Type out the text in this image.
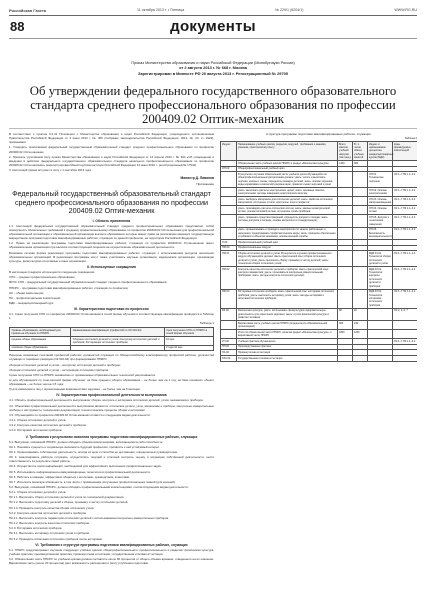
Российская Газета	11 октября 2013 г. • Пятница	№ 229/1 (6204/1)	WWW.RG.RU
88	документы
Приказ Министерства образования и науки Российской Федерации (Минобрнауки России)
от 2 августа 2013 г. № 668 г. Москва
Зарегистрирован в Минюсте РФ 20 августа 2013 г. Регистрационный № 29705
Об утверждении федерального государственного образовательного стандарта среднего профессионального образования по профессии 200409.02 Оптик-механик

В соответствии с пунктом 5.2.41 Положения о Министерстве образования и науки Российской Федерации, утвержденного постановлением Правительства Российской Федерации от 3 июня 2013 г. № 466 (Собрание законодательства Российской Федерации, 2013, № 23, ст. 2923), приказываю:

1. Утвердить прилагаемый федеральный государственный образовательный стандарт среднего профессионального образования по профессии 200409.02 Оптик-механик.

2. Признать утратившим силу приказ Министерства образования и науки Российской Федерации от 14 апреля 2010 г. № 364 «Об утверждении и введении в действие федерального государственного образовательного стандарта начального профессионального образования по профессии 200409.02 Оптик-механик» (зарегистрирован Министерством юстиции Российской Федерации 14 июня 2010 г., регистрационный № 17542).

3. Настоящий приказ вступает в силу с 1 сентября 2013 года.

Министр Д. Ливанов
Приложение
Федеральный государственный образовательный стандарт среднего профессионального образования по профессии 200409.02 Оптик-механик
I. Область применения

1.1. Настоящий федеральный государственный образовательный стандарт среднего профессионального образования представляет собой совокупность обязательных требований к среднему профессиональному образованию по профессии 200409.02 Оптик-механик для профессиональной образовательной организации и образовательной организации высшего образования, которые имеют право на реализацию имеющих государственную аккредитацию программ подготовки квалифицированных рабочих, служащих по данной профессии, на территории Российской Федерации.

1.2. Право на реализацию программы подготовки квалифицированных рабочих, служащих по профессии 200409.02 Оптик-механик имеет образовательная организация при наличии соответствующей лицензии на осуществление образовательной деятельности.

Возможна сетевая форма реализации программы подготовки квалифицированных рабочих, служащих с использованием ресурсов нескольких образовательных организаций. В реализации программы могут также участвовать научные организации, медицинские организации, организации культуры, физкультурно-спортивные и иные организации.

II. Используемые сокращения

В настоящем стандарте используются следующие сокращения:

СПО – среднее профессиональное образование;

ФГОС СПО – федеральный государственный образовательный стандарт среднего профессионального образования;

ППКРС – программа подготовки квалифицированных рабочих, служащих по профессии;

ОК – общая компетенция;

ПК – профессиональная компетенция;

МДК – междисциплинарный курс.

III. Характеристика подготовки по профессии

3.1. Сроки получения СПО по профессии 200409.02 Оптик-механик в очной форме обучения и соответствующие квалификации приводятся в Таблице 1.

Таблица 1
Уровень образования, необходимый для приема на обучение по ППКРС	Наименование квалификации (профессий по ОК 016-94)	Срок получения СПО по ППКРС в очной форме обучения
среднее общее образование	Сборщик оптических деталей и узлов; Контролер оптических деталей и приборов; Юстировщик оптических приборов	10 мес.
основное общее образование		2 года 10 мес.

Перечень возможных сочетаний профессий рабочих, должностей служащих по Общероссийскому классификатору профессий рабочих, должностей служащих и тарифных разрядов (ОК 016-94) при формировании ППКРС:

сборщик оптических деталей и узлов – контролер оптических деталей и приборов;

сборщик оптических деталей и узлов – юстировщик оптических приборов.

Сроки получения СПО по ППКРС независимо от применяемых образовательных технологий увеличиваются:

а) для обучающихся по очно-заочной форме обучения: на базе среднего общего образования – не более чем на 1 год; на базе основного общего образования – не более чем на 1,5 года;

б) для инвалидов и лиц с ограниченными возможностями здоровья – не более чем на 6 месяцев.

IV. Характеристика профессиональной деятельности выпускников

4.1. Область профессиональной деятельности выпускников: сборка, контроль и юстировка оптических деталей, узлов, механизмов и приборов.

4.2. Объектами профессиональной деятельности выпускников являются: оптические детали, узлы, механизмы и приборы; контрольно-измерительные приборы и инструменты; техническая документация; технологические процессы сборки и юстировки.

4.3. Обучающийся по профессии 200409.02 Оптик-механик готовится к следующим видам деятельности:

4.3.1. Сборка оптических деталей и узлов.

4.3.2. Контроль качества оптических деталей и приборов.

4.3.3. Юстировка оптических приборов.

V. Требования к результатам освоения программы подготовки квалифицированных рабочих, служащих

5.1. Выпускник, освоивший ППКРС, должен обладать общими компетенциями, включающими в себя способность:

ОК 1. Понимать сущность и социальную значимость будущей профессии, проявлять к ней устойчивый интерес.

ОК 2. Организовывать собственную деятельность, исходя из цели и способов ее достижения, определенных руководителем.

ОК 3. Анализировать рабочую ситуацию, осуществлять текущий и итоговый контроль, оценку и коррекцию собственной деятельности, нести ответственность за результаты своей работы.

ОК 4. Осуществлять поиск информации, необходимой для эффективного выполнения профессиональных задач.

ОК 5. Использовать информационно-коммуникационные технологии в профессиональной деятельности.

ОК 6. Работать в команде, эффективно общаться с коллегами, руководством, клиентами.

ОК 7. Исполнять воинскую обязанность, в том числе с применением полученных профессиональных знаний (для юношей).

5.2. Выпускник, освоивший ППКРС, должен обладать профессиональными компетенциями, соответствующими видам деятельности:

5.2.1. Сборка оптических деталей и узлов.

ПК 1.1. Выполнять сборку оптических деталей и узлов по технической документации.

ПК 1.2. Выполнять подготовку деталей к сборке, промывку и чистку оптических деталей.

ПК 1.3. Проводить контроль качества сборки оптических узлов.

5.2.2. Контроль качества оптических деталей и приборов.

ПК 2.1. Выполнять контроль параметров оптических деталей с использованием контрольно-измерительных приборов.

ПК 2.2. Выполнять контроль качества оптических приборов.

5.2.3. Юстировка оптических приборов.

ПК 3.1. Выполнять юстировку оптических узлов и приборов.

ПК 3.2. Проводить испытания оптических приборов после юстировки.

VI. Требования к структуре программы подготовки квалифицированных рабочих, служащих

6.1. ППКРС предусматривает изучение следующих учебных циклов: общепрофессионального; профессионального и разделов: физическая культура; учебная практика; производственная практика; промежуточная аттестация; государственная итоговая аттестация.

6.2. Обязательная часть ППКРС по учебным циклам должна составлять около 80 процентов от общего объема времени, отведенного на их освоение. Вариативная часть (около 20 процентов) дает возможность расширения и (или) углубления подготовки.

Структура программы подготовки квалифицированных рабочих, служащих
Таблица 2
Индекс	Наименование учебных циклов, разделов, модулей, требования к знаниям, умениям, практическому опыту	Всего максим. учебной нагрузки (час./нед.)	В т.ч. часов обязат. учебных занятий	Индекс и наименование дисциплин, междисциплинарных курсов (МДК)	Коды формируемых компетенций
	Обязательная часть учебных циклов ППКРС и раздел «Физическая культура»	1440	960		
ОП.00	Общепрофессиональный учебный цикл				
	В результате изучения обязательной части учебного цикла обучающийся по общепрофессиональным дисциплинам должен: уметь: читать и выполнять чертежи, эскизы и схемы; определять размеры деталей; знать: основы черчения, виды нормативно-технической документации, правила чтения чертежей и схем;			ОП.01. Техническое черчение	ОК 1–7 ПК 1.1–3.2
	уметь: выполнять расчеты электрических цепей; знать: основные понятия электротехники, методы измерения электрических величин;			ОП.02. Основы электротехники	ОК 1–7 ПК 1.1–3.2
	уметь: выбирать материалы для оптических деталей; знать: свойства оптических материалов, оптическое стекло, кристаллы, клеи и покрытия;			ОП.03. Основы материаловедения	ОК 1–7 ПК 1.1–3.2
	уметь: производить расчеты оптических систем; знать: законы геометрической оптики, основы волновой оптики, оптические схемы приборов;			ОП.04. Основы оптики	ОК 1–7 ПК 1.1–3.2
	уметь: применять средства измерений, определять допуски и посадки; знать: системы допусков и посадок, основы метрологии и стандартизации;			ОП.05. Допуски и технические измерения	ОК 1–7 ПК 1.1–3.2
	уметь: организовывать и проводить мероприятия по защите работающих и населения; предпринимать профилактические меры; знать: принципы обеспечения устойчивости объектов экономики, основы военной службы;			ОП.06. Безопасность жизнедеятельности	ОК 1–7 ПК 1.1–3.2
П.00	Профессиональный учебный цикл				
ПМ.00	Профессиональные модули				
ПМ.01	Сборка оптических деталей и узлов. В результате изучения профессионального модуля обучающийся должен: иметь практический опыт сборки оптических деталей и узлов; уметь: выполнять сборку, промывку и чистку деталей; знать: технологию сборки оптических узлов;			МДК.01.01. Технология сборки оптических деталей и узлов	ОК 1–7 ПК 1.1–1.3
ПМ.02	Контроль качества оптических деталей и приборов. иметь практический опыт контроля параметров; уметь: пользоваться контрольно-измерительными приборами; знать: методы контроля оптических деталей;			МДК.02.01. Технология контроля оптических деталей и приборов	ОК 1–7 ПК 2.1–2.2
ПМ.03	Юстировка оптических приборов. иметь практический опыт юстировки оптических приборов; уметь: выполнять юстировку узлов; знать: методы юстировки и испытаний оптических приборов;			МДК.03.01. Технология юстировки оптических приборов	ОК 1–7 ПК 3.1–3.2
ФК.00	Физическая культура. уметь: использовать физкультурно-оздоровительную деятельность для укрепления здоровья; знать: о роли физической культуры в развитии человека;	80	40		ОК 2, 3, 6, 7
	Вариативная часть учебных циклов ППКРС (определяется образовательной организацией)	360	240		
	Итого по обязательной части ППКРС, включая раздел «Физическая культура», и вариативной части ППКРС	1800	1200		
УП.00	Учебная практика обучающихся				ОК 1–7 ПК 1.1–3.2
ПП.00	Производственная практика				
ПА.00	Промежуточная аттестация				
ГИА.00	Государственная итоговая аттестация				
